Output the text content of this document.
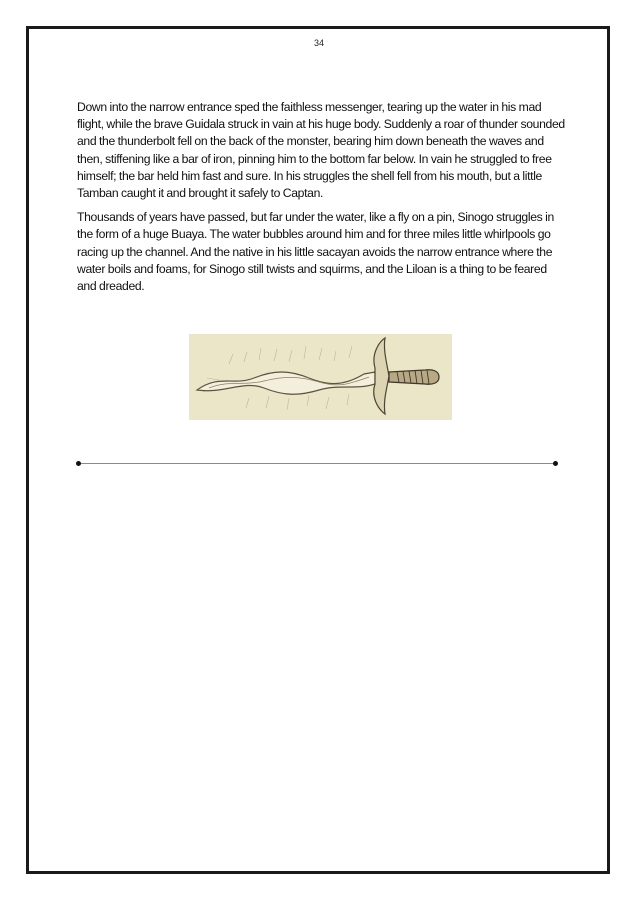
34

Down into the narrow entrance sped the faithless messenger, tearing up the water in his mad flight, while the brave Guidala struck in vain at his huge body. Suddenly a roar of thunder sounded and the thunderbolt fell on the back of the monster, bearing him down beneath the waves and then, stiffening like a bar of iron, pinning him to the bottom far below. In vain he struggled to free himself; the bar held him fast and sure. In his struggles the shell fell from his mouth, but a little Tamban caught it and brought it safely to Captan.

Thousands of years have passed, but far under the water, like a fly on a pin, Sinogo struggles in the form of a huge Buaya. The water bubbles around him and for three miles little whirlpools go racing up the channel. And the native in his little sacayan avoids the narrow entrance where the water boils and foams, for Sinogo still twists and squirms, and the Liloan is a thing to be feared and dreaded.
